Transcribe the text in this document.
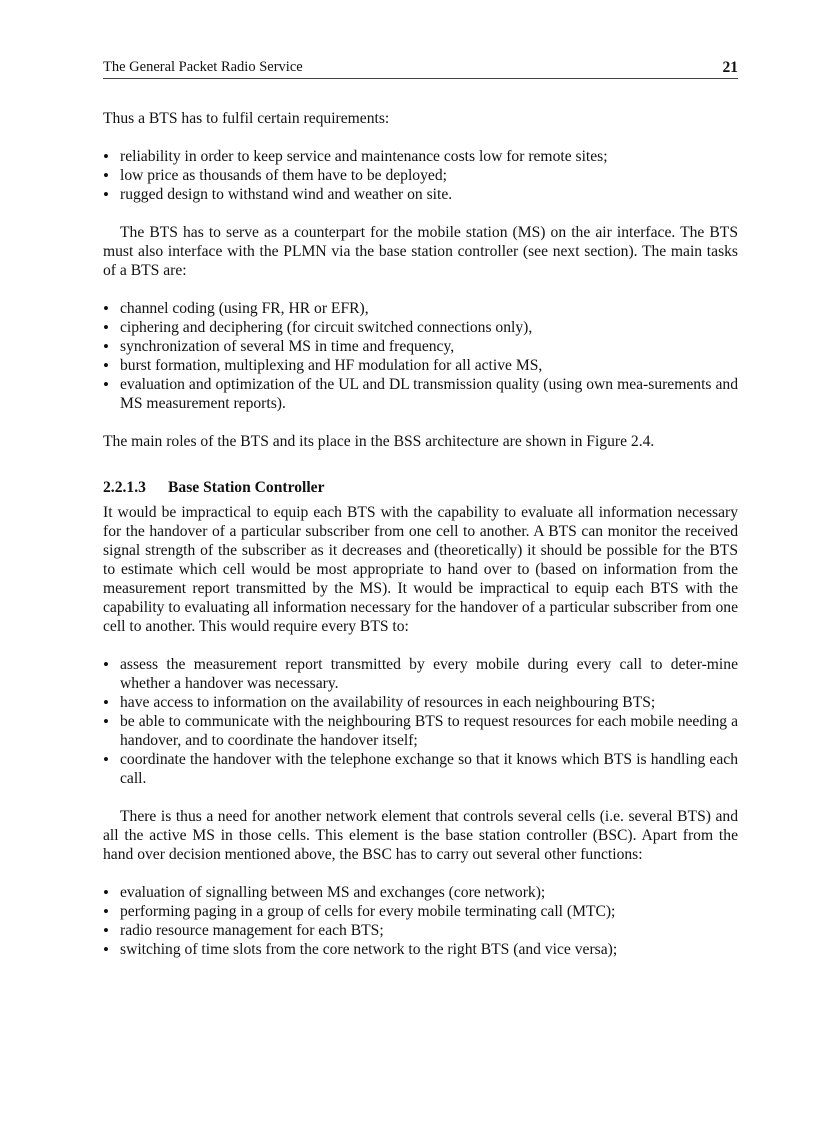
The General Packet Radio Service	21

Thus a BTS has to fulfil certain requirements:

• reliability in order to keep service and maintenance costs low for remote sites;
• low price as thousands of them have to be deployed;
• rugged design to withstand wind and weather on site.

The BTS has to serve as a counterpart for the mobile station (MS) on the air interface. The BTS must also interface with the PLMN via the base station controller (see next section). The main tasks of a BTS are:

• channel coding (using FR, HR or EFR),
• ciphering and deciphering (for circuit switched connections only),
• synchronization of several MS in time and frequency,
• burst formation, multiplexing and HF modulation for all active MS,
• evaluation and optimization of the UL and DL transmission quality (using own mea-surements and MS measurement reports).

The main roles of the BTS and its place in the BSS architecture are shown in Figure 2.4.

2.2.1.3 Base Station Controller

It would be impractical to equip each BTS with the capability to evaluate all information necessary for the handover of a particular subscriber from one cell to another. A BTS can monitor the received signal strength of the subscriber as it decreases and (theoretically) it should be possible for the BTS to estimate which cell would be most appropriate to hand over to (based on information from the measurement report transmitted by the MS). It would be impractical to equip each BTS with the capability to evaluating all information necessary for the handover of a particular subscriber from one cell to another. This would require every BTS to:

• assess the measurement report transmitted by every mobile during every call to deter-mine whether a handover was necessary.
• have access to information on the availability of resources in each neighbouring BTS;
• be able to communicate with the neighbouring BTS to request resources for each mobile needing a handover, and to coordinate the handover itself;
• coordinate the handover with the telephone exchange so that it knows which BTS is handling each call.

There is thus a need for another network element that controls several cells (i.e. several BTS) and all the active MS in those cells. This element is the base station controller (BSC). Apart from the hand over decision mentioned above, the BSC has to carry out several other functions:

• evaluation of signalling between MS and exchanges (core network);
• performing paging in a group of cells for every mobile terminating call (MTC);
• radio resource management for each BTS;
• switching of time slots from the core network to the right BTS (and vice versa);
